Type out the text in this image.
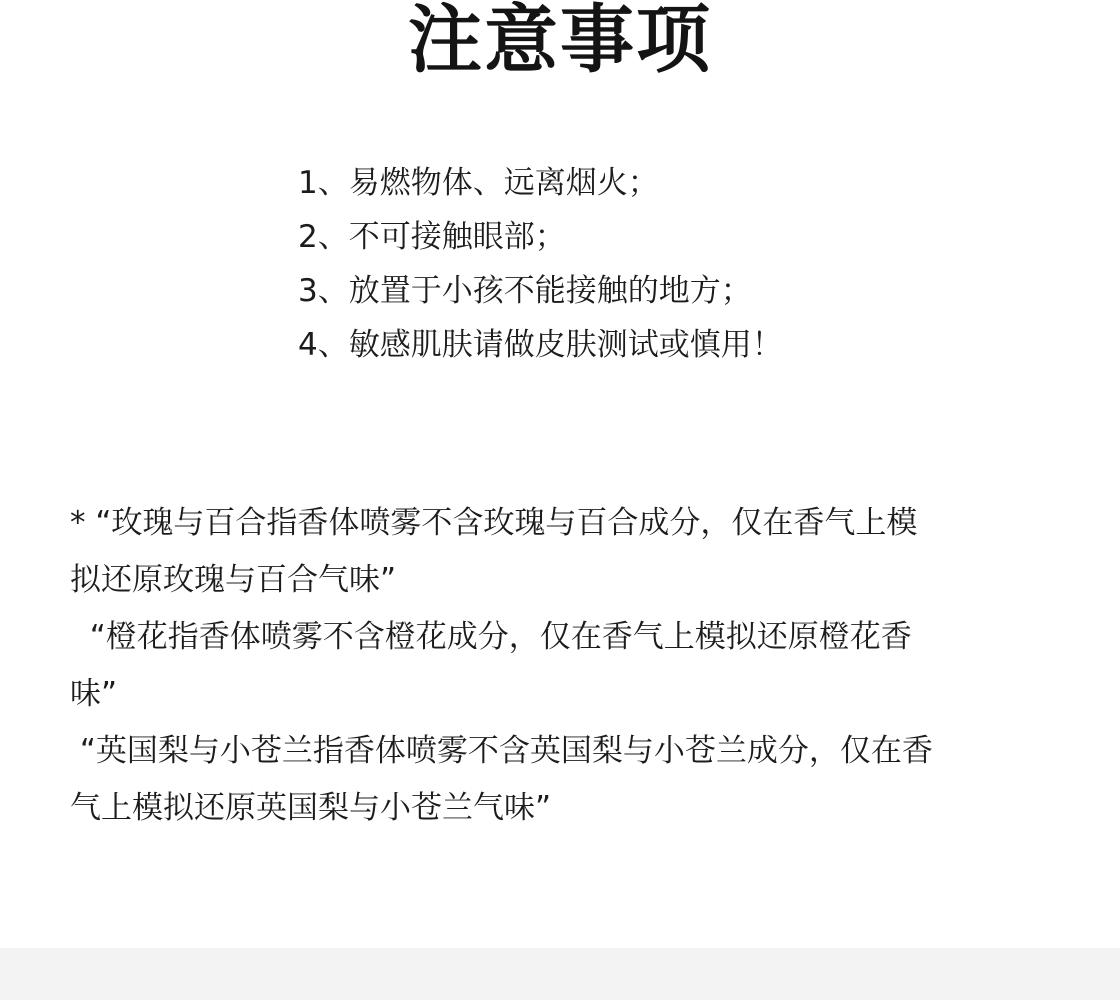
注意事项
1、易燃物体、远离烟火；
2、不可接触眼部；
3、放置于小孩不能接触的地方；
4、敏感肌肤请做皮肤测试或慎用！
* “玫瑰与百合指香体喷雾不含玫瑰与百合成分，仅在香气上模
拟还原玫瑰与百合气味”
“橙花指香体喷雾不含橙花成分，仅在香气上模拟还原橙花香
味”
“英国梨与小苍兰指香体喷雾不含英国梨与小苍兰成分，仅在香
气上模拟还原英国梨与小苍兰气味”
